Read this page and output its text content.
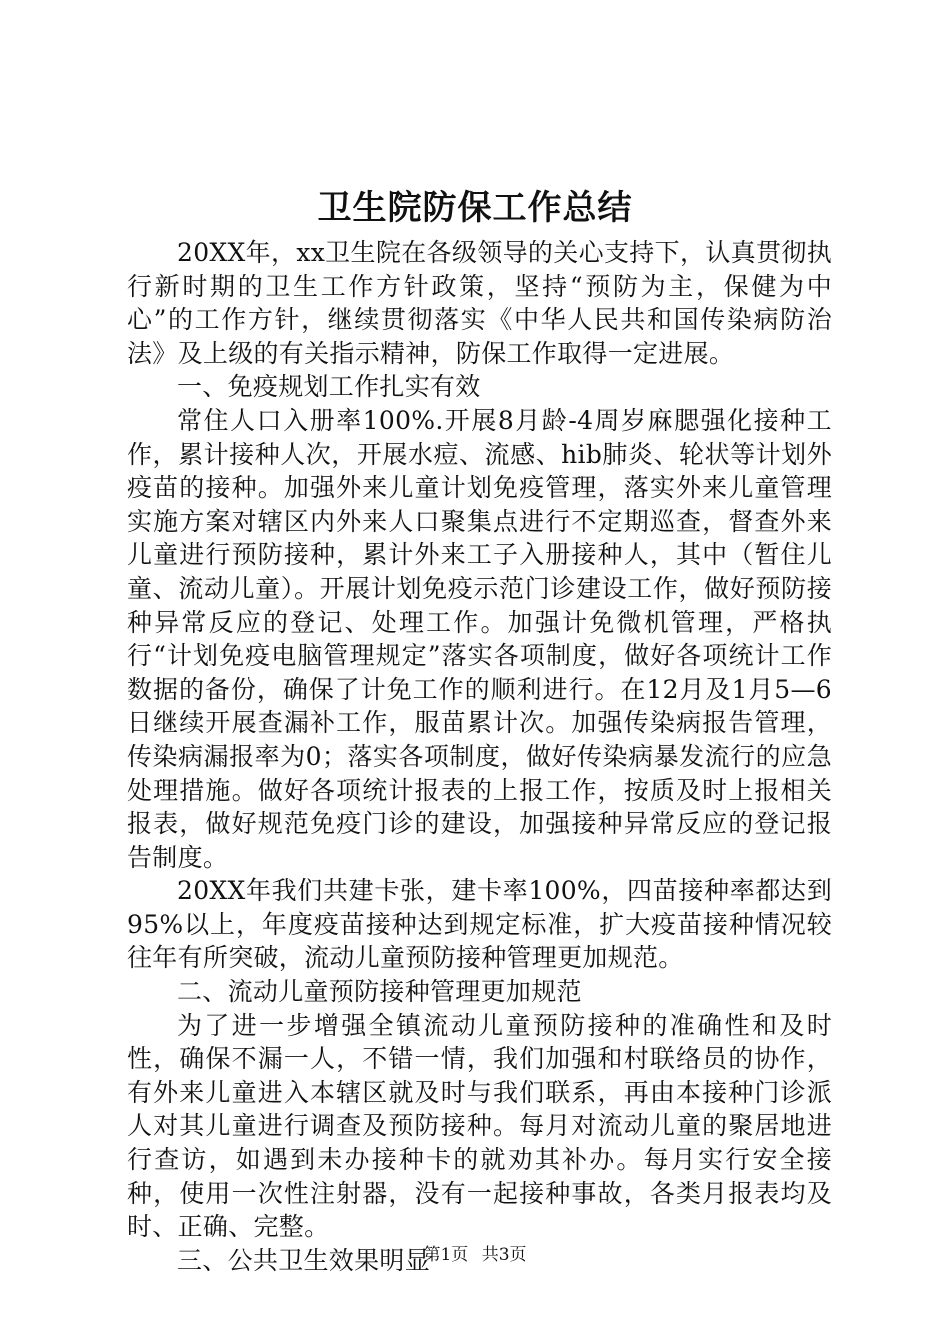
卫生院防保工作总结

20XX年，xx卫生院在各级领导的关心支持下，认真贯彻执行新时期的卫生工作方针政策，坚持“预防为主，保健为中心”的工作方针，继续贯彻落实《中华人民共和国传染病防治法》及上级的有关指示精神，防保工作取得一定进展。

一、免疫规划工作扎实有效

常住人口入册率100%.开展8月龄-4周岁麻腮强化接种工作，累计接种人次，开展水痘、流感、hib肺炎、轮状等计划外疫苗的接种。加强外来儿童计划免疫管理，落实外来儿童管理实施方案对辖区内外来人口聚集点进行不定期巡查，督查外来儿童进行预防接种，累计外来工子入册接种人，其中（暂住儿童、流动儿童）。开展计划免疫示范门诊建设工作，做好预防接种异常反应的登记、处理工作。加强计免微机管理，严格执行“计划免疫电脑管理规定”落实各项制度，做好各项统计工作数据的备份，确保了计免工作的顺利进行。在12月及1月5—6日继续开展查漏补工作，服苗累计次。加强传染病报告管理，传染病漏报率为0；落实各项制度，做好传染病暴发流行的应急处理措施。做好各项统计报表的上报工作，按质及时上报相关报表，做好规范免疫门诊的建设，加强接种异常反应的登记报告制度。

20XX年我们共建卡张，建卡率100%，四苗接种率都达到95%以上，年度疫苗接种达到规定标准，扩大疫苗接种情况较往年有所突破，流动儿童预防接种管理更加规范。

二、流动儿童预防接种管理更加规范

为了进一步增强全镇流动儿童预防接种的准确性和及时性，确保不漏一人，不错一情，我们加强和村联络员的协作，有外来儿童进入本辖区就及时与我们联系，再由本接种门诊派人对其儿童进行调查及预防接种。每月对流动儿童的聚居地进行查访，如遇到未办接种卡的就劝其补办。每月实行安全接种，使用一次性注射器，没有一起接种事故，各类月报表均及时、正确、完整。

三、公共卫生效果明显

第1页 共3页
